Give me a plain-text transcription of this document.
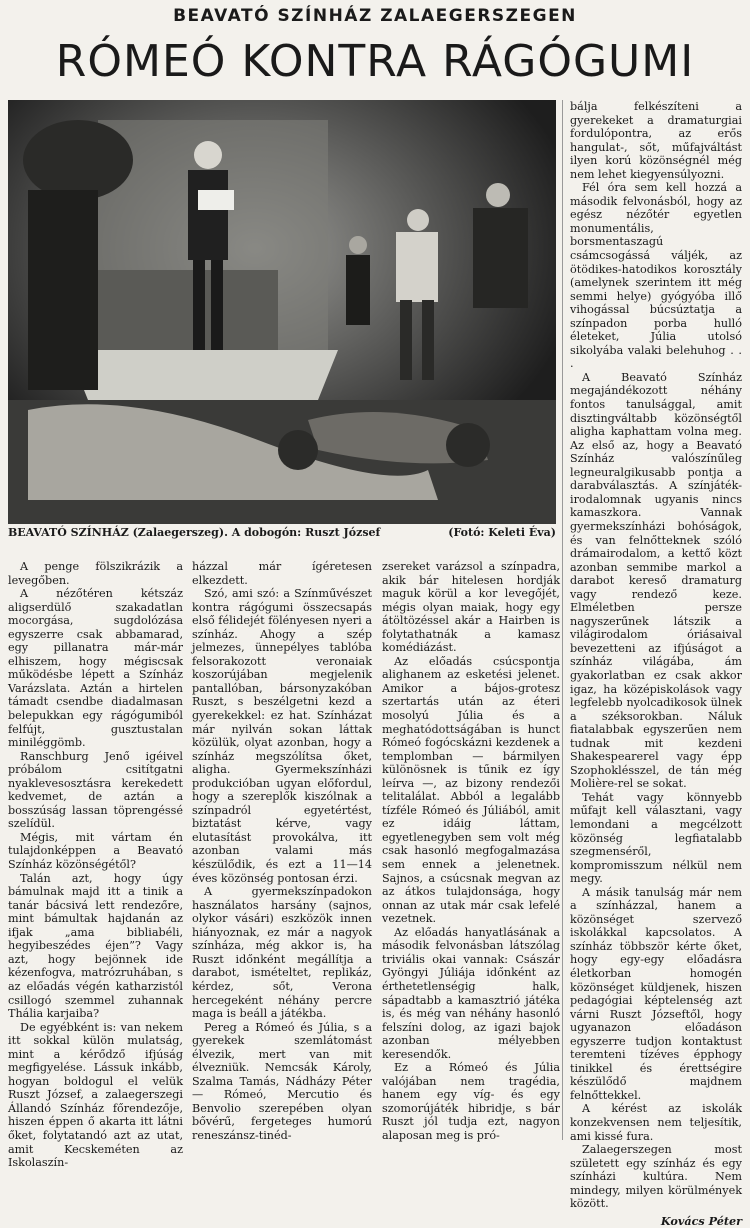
BEAVATÓ SZÍNHÁZ ZALAEGERSZEGEN
RÓMEÓ KONTRA RÁGÓGUMI
BEAVATÓ SZÍNHÁZ (Zalaegerszeg). A dobogón: Ruszt József	(Fotó: Keleti Éva)

A penge fölszikrázik a levegőben.

A nézőtéren kétszáz aligserdülő szakadatlan mocorgása, sugdolózása egyszerre csak abbamarad, egy pillanatra már-már elhiszem, hogy mégiscsak működésbe lépett a Színház Varázslata. Aztán a hirtelen támadt csendbe diadalmasan belepukkan egy rágógumiból felfújt, gusztustalan miniléggömb.

Ranschburg Jenő igéivel próbálom csitítgatni nyaklevesosztásra kerekedett kedvemet, de aztán a bosszúság lassan töprengéssé szelídül.

Mégis, mit vártam én tulajdonképpen a Beavató Színház közönségétől?

Talán azt, hogy úgy bámulnak majd itt a tinik a tanár bácsivá lett rendezőre, mint bámultak hajdanán az ifjak „ama bibliabéli, hegyibeszédes éjen”? Vagy azt, hogy bejönnek ide kézenfogva, matrózruhában, s az előadás végén katharzistól csillogó szemmel zuhannak Thália karjaiba?

De egyébként is: van nekem itt sokkal külön mulatság, mint a kérődző ifjúság megfigyelése. Lássuk inkább, hogyan boldogul el velük Ruszt József, a zalaegerszegi Állandó Színház főrendezője, hiszen éppen ő akarta itt látni őket, folytatandó azt az utat, amit Kecskeméten az Iskolaszín-

házzal már ígéretesen elkezdett.

Szó, ami szó: a Színművészet kontra rágógumi összecsapás első félidejét fölényesen nyeri a színház. Ahogy a szép jelmezes, ünnepélyes tablóba felsorakozott veronaiak koszorújában megjelenik pantallóban, bársonyzakóban Ruszt, s beszélgetni kezd a gyerekekkel: ez hat. Színházat már nyilván sokan láttak közülük, olyat azonban, hogy a színház megszólítsa őket, aligha. Gyermekszínházi produkcióban ugyan előfordul, hogy a szereplők kiszólnak a színpadról egyetértést, biztatást kérve, vagy elutasítást provokálva, itt azonban valami más készülődik, és ezt a 11—14 éves közönség pontosan érzi.

A gyermekszínpadokon használatos harsány (sajnos, olykor vásári) eszközök innen hiányoznak, ez már a nagyok színháza, még akkor is, ha Ruszt időnként megállítja a darabot, ismételtet, replikáz, kérdez, sőt, Verona hercegeként néhány percre maga is beáll a játékba.

Pereg a Rómeó és Júlia, s a gyerekek szemlátomást élvezik, mert van mit élvezniük. Nemcsák Károly, Szalma Tamás, Nádházy Péter — Rómeó, Mercutio és Benvolio szerepében olyan bővérű, fergeteges humorú reneszánsz-tinéd-

zsereket varázsol a színpadra, akik bár hitelesen hordják maguk körül a kor levegőjét, mégis olyan maiak, hogy egy átöltözéssel akár a Hairben is folytathatnák a kamasz komédiázást.

Az előadás csúcspontja alighanem az esketési jelenet. Amikor a bájos-grotesz szertartás után az éteri mosolyú Júlia és a meghatódottságában is hunct Rómeó fogócskázni kezdenek a templomban — bármilyen különösnek is tűnik ez így leírva —, az bizony rendezői telitalálat. Abból a legalább tízféle Rómeó és Júliából, amit ez idáig láttam, egyetlenegyben sem volt még csak hasonló megfogalmazása sem ennek a jelenetnek. Sajnos, a csúcsnak megvan az az átkos tulajdonsága, hogy onnan az utak már csak lefelé vezetnek.

Az előadás hanyatlásának a második felvonásban látszólag triviális okai vannak: Császár Gyöngyi Júliája időnként az érthetetlenségig halk, sápadtabb a kamasztrió játéka is, és még van néhány hasonló felszíni dolog, az igazi bajok azonban mélyebben keresendők.

Ez a Rómeó és Júlia valójában nem tragédia, hanem egy víg- és egy szomorújáték hibridje, s bár Ruszt jól tudja ezt, nagyon alaposan meg is pró-

bálja felkészíteni a gyerekeket a dramaturgiai fordulópontra, az erős hangulat-, sőt, műfajváltást ilyen korú közönségnél még nem lehet kiegyensúlyozni.

Fél óra sem kell hozzá a második felvonásból, hogy az egész nézőtér egyetlen monumentális, borsmentaszagú csámcsogássá váljék, az ötödikes-hatodikos korosztály (amelynek szerintem itt még semmi helye) gyógyóba illő vihogással búcsúztatja a színpadon porba hulló életeket, Júlia utolsó sikolyába valaki belehuhog . . .

A Beavató Színház megajándékozott néhány fontos tanulsággal, amit disztingváltabb közönségtől aligha kaphattam volna meg. Az első az, hogy a Beavató Színház valószínűleg legneuralgikusabb pontja a darabválasztás. A színjáték-irodalomnak ugyanis nincs kamaszkora. Vannak gyermekszínházi bohóságok, és van felnőtteknek szóló drámairodalom, a kettő közt azonban semmibe markol a darabot kereső dramaturg vagy rendező keze. Elméletben persze nagyszerűnek látszik a világirodalom óriásaival bevezetteni az ifjúságot a színház világába, ám gyakorlatban ez csak akkor igaz, ha középiskolások vagy legfelebb nyolcadikosok ülnek a széksorokban. Náluk fiatalabbak egyszerűen nem tudnak mit kezdeni Shakespearerel vagy épp Szophoklésszel, de tán még Molière-rel se sokat.

Tehát vagy könnyebb műfajt kell választani, vagy lemondani a megcélzott közönség legfiatalabb szegmenséről, kompromisszum nélkül nem megy.

A másik tanulság már nem a színházzal, hanem a közönséget szervező iskolákkal kapcsolatos. A színház többször kérte őket, hogy egy-egy előadásra életkorban homogén közönséget küldjenek, hiszen pedagógiai képtelenség azt várni Ruszt Józseftől, hogy ugyanazon előadáson egyszerre tudjon kontaktust teremteni tízéves épphogy tinikkel és érettségire készülődő majdnem felnőttekkel.

A kérést az iskolák konzekvensen nem teljesítik, ami kissé fura.

Zalaegerszegen most született egy színház és egy színházi kultúra. Nem mindegy, milyen körülmények között.

Kovács Péter
